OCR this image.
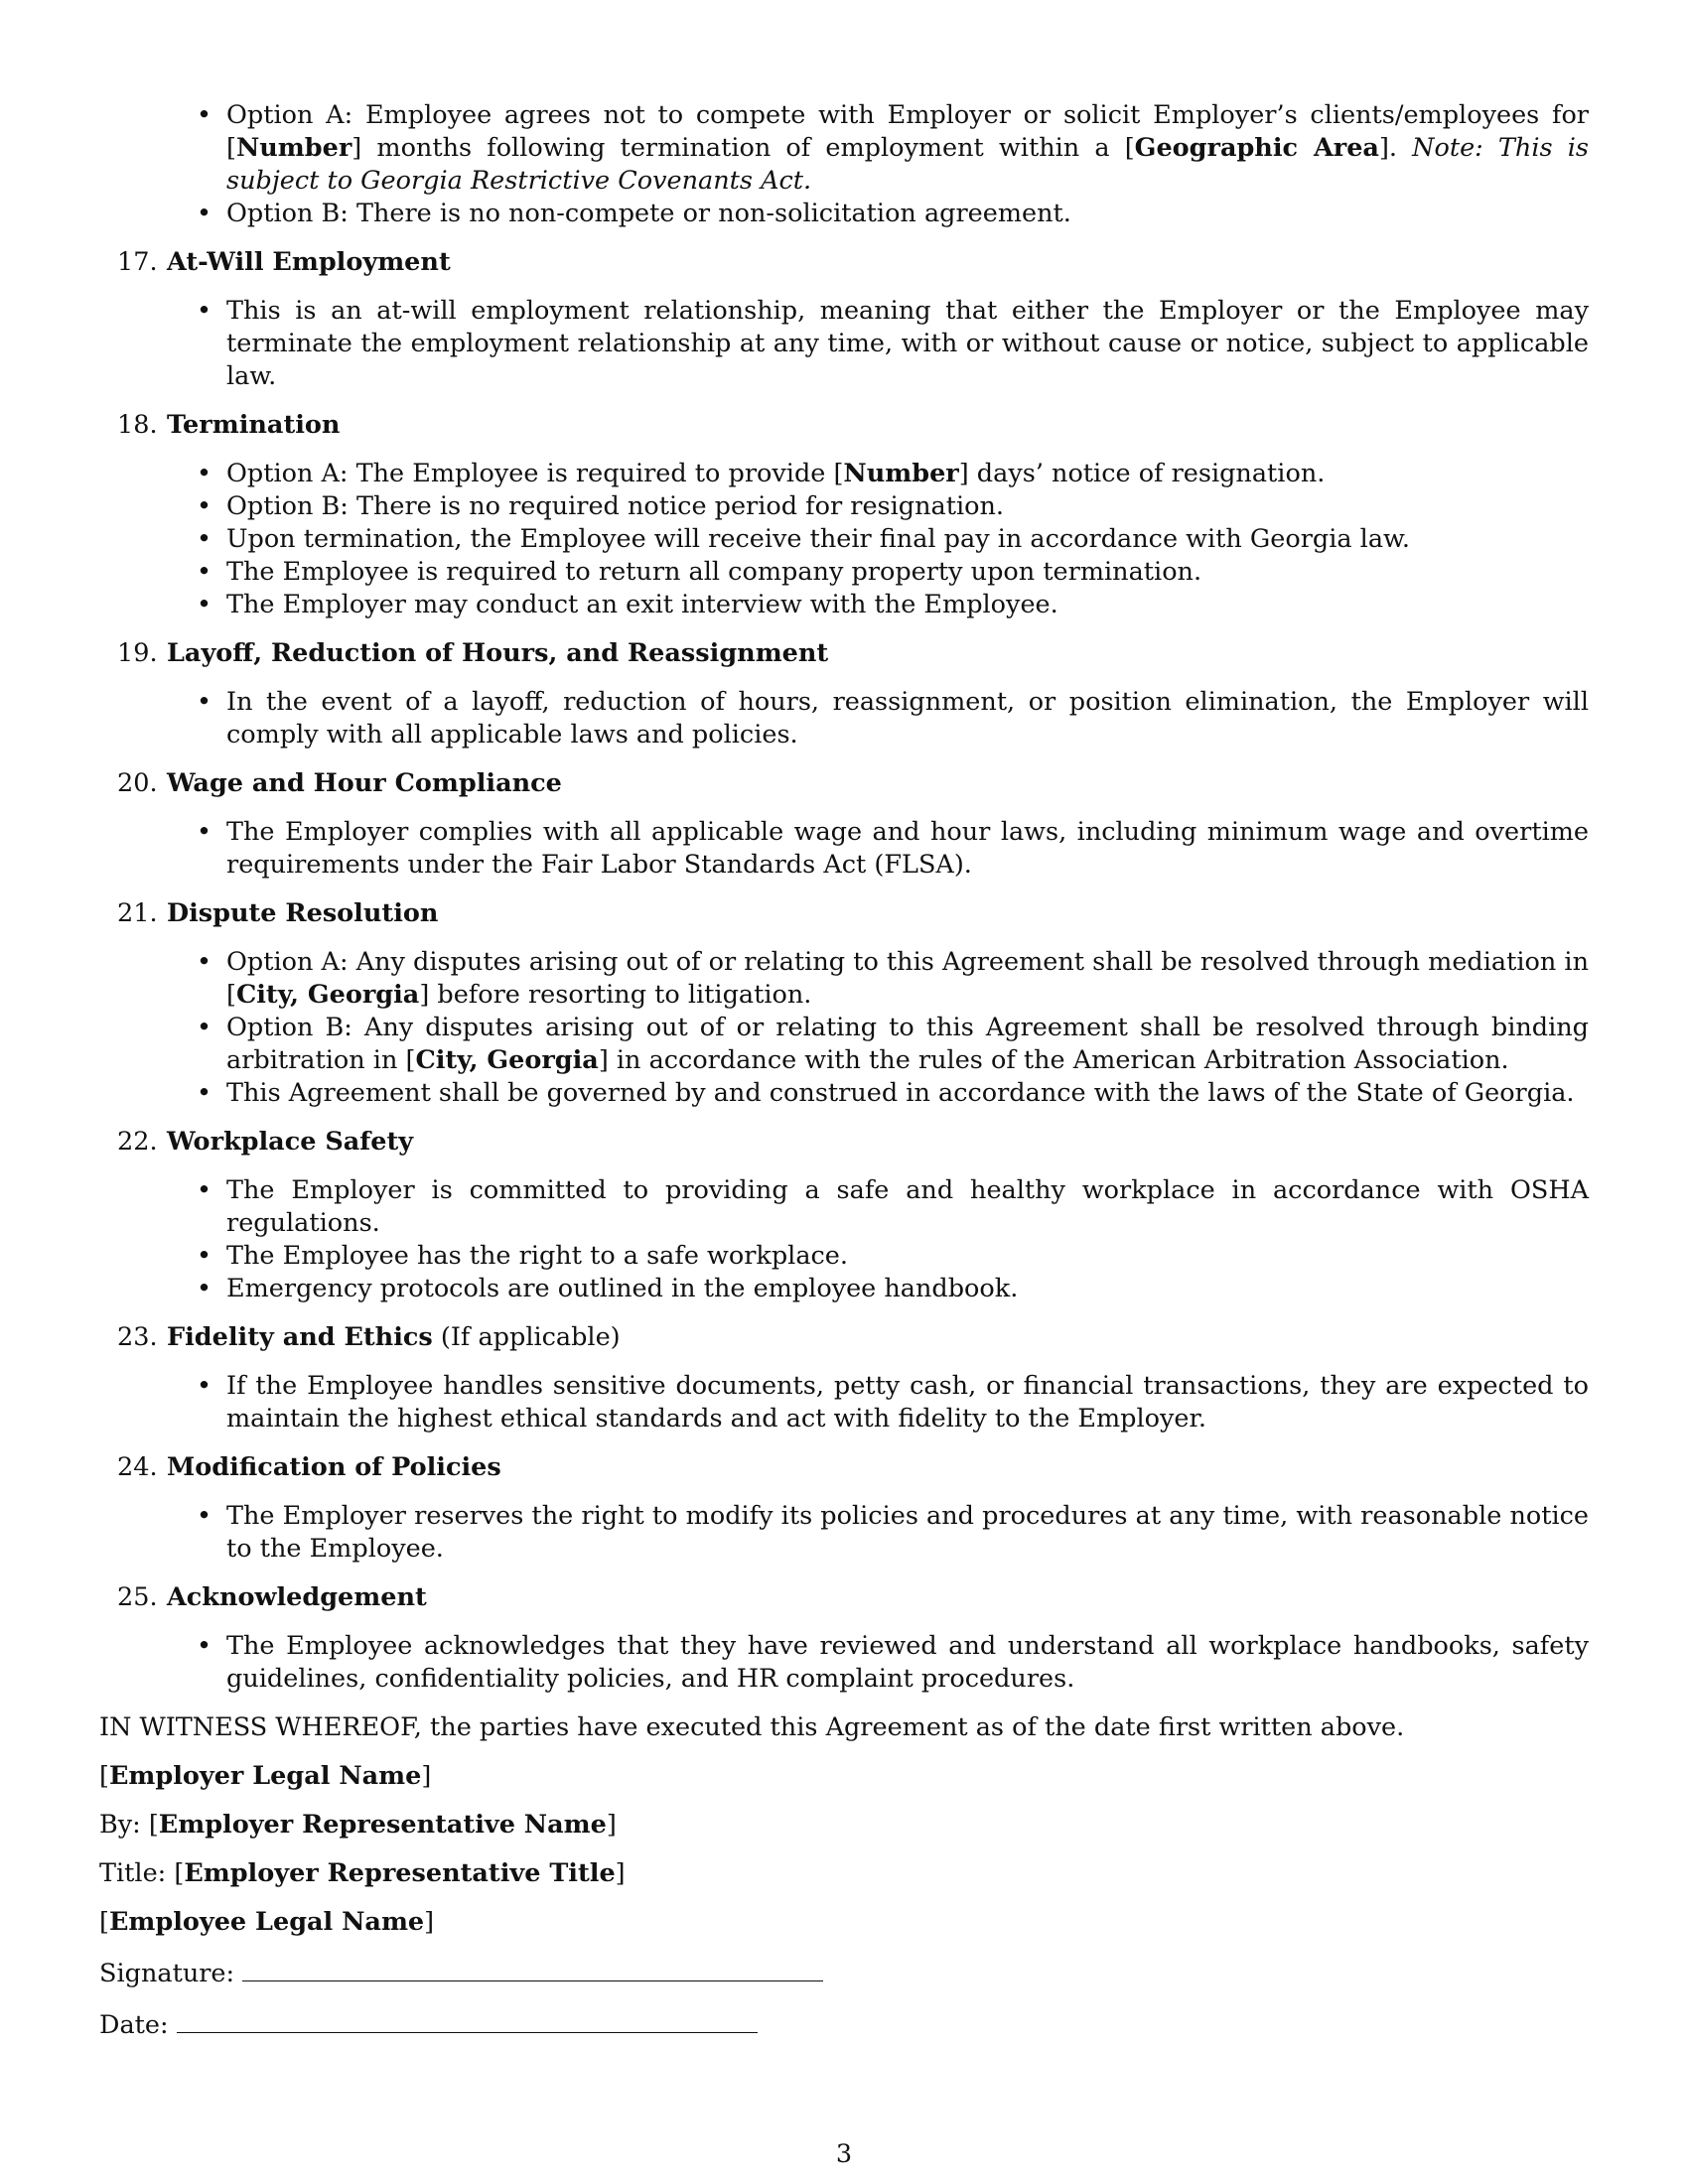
• Option A: Employee agrees not to compete with Employer or solicit Employer’s clients/employees for [Number] months following termination of employment within a [Geographic Area]. Note: This is subject to Georgia Restrictive Covenants Act.
• Option B: There is no non-compete or non-solicitation agreement.
17. At-Will Employment
• This is an at-will employment relationship, meaning that either the Employer or the Employee may terminate the employment relationship at any time, with or without cause or notice, subject to applicable law.
18. Termination
• Option A: The Employee is required to provide [Number] days’ notice of resignation.
• Option B: There is no required notice period for resignation.
• Upon termination, the Employee will receive their final pay in accordance with Georgia law.
• The Employee is required to return all company property upon termination.
• The Employer may conduct an exit interview with the Employee.
19. Layoff, Reduction of Hours, and Reassignment
• In the event of a layoff, reduction of hours, reassignment, or position elimination, the Employer will comply with all applicable laws and policies.
20. Wage and Hour Compliance
• The Employer complies with all applicable wage and hour laws, including minimum wage and overtime requirements under the Fair Labor Standards Act (FLSA).
21. Dispute Resolution
• Option A: Any disputes arising out of or relating to this Agreement shall be resolved through mediation in [City, Georgia] before resorting to litigation.
• Option B: Any disputes arising out of or relating to this Agreement shall be resolved through binding arbitration in [City, Georgia] in accordance with the rules of the American Arbitration Association.
• This Agreement shall be governed by and construed in accordance with the laws of the State of Georgia.
22. Workplace Safety
• The Employer is committed to providing a safe and healthy workplace in accordance with OSHA regulations.
• The Employee has the right to a safe workplace.
• Emergency protocols are outlined in the employee handbook.
23. Fidelity and Ethics (If applicable)
• If the Employee handles sensitive documents, petty cash, or financial transactions, they are expected to maintain the highest ethical standards and act with fidelity to the Employer.
24. Modification of Policies
• The Employer reserves the right to modify its policies and procedures at any time, with reasonable notice to the Employee.
25. Acknowledgement
• The Employee acknowledges that they have reviewed and understand all workplace handbooks, safety guidelines, confidentiality policies, and HR complaint procedures.
IN WITNESS WHEREOF, the parties have executed this Agreement as of the date first written above.
[Employer Legal Name]
By: [Employer Representative Name]
Title: [Employer Representative Title]
[Employee Legal Name]
Signature:
Date:
3
